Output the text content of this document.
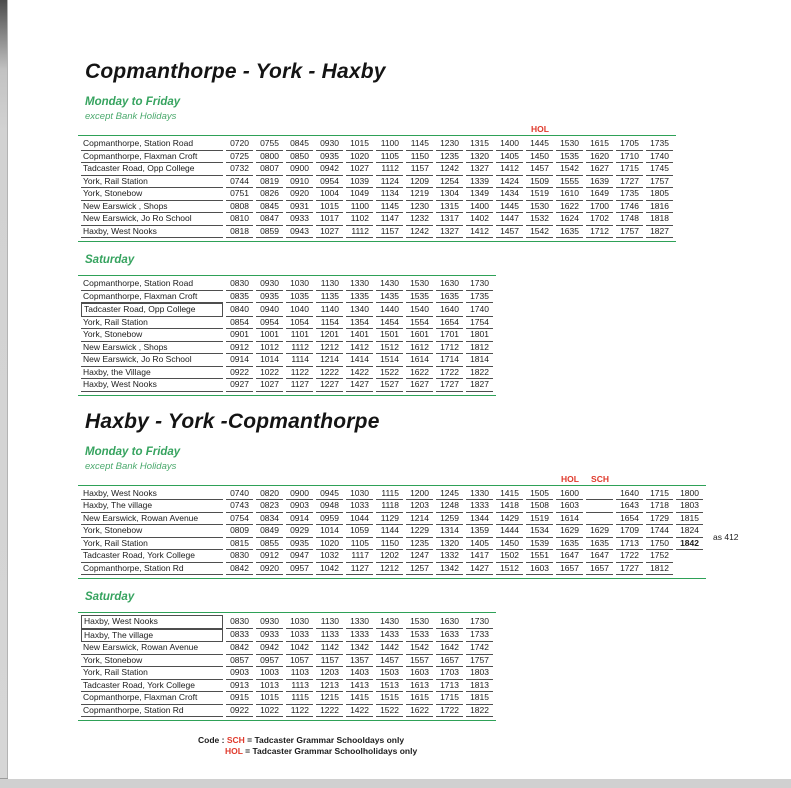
Copmanthorpe - York - Haxby
Monday to Friday
except Bank Holidays
HOL
Copmanthorpe, Station Road	0720	0755	0845	0930	1015	1100	1145	1230	1315	1400	1445	1530	1615	1705	1735
Copmanthorpe, Flaxman Croft	0725	0800	0850	0935	1020	1105	1150	1235	1320	1405	1450	1535	1620	1710	1740
Tadcaster Road, Opp College	0732	0807	0900	0942	1027	1112	1157	1242	1327	1412	1457	1542	1627	1715	1745
York, Rail Station	0744	0819	0910	0954	1039	1124	1209	1254	1339	1424	1509	1555	1639	1727	1757
York, Stonebow	0751	0826	0920	1004	1049	1134	1219	1304	1349	1434	1519	1610	1649	1735	1805
New Earswick , Shops	0808	0845	0931	1015	1100	1145	1230	1315	1400	1445	1530	1622	1700	1746	1816
New Earswick, Jo Ro School	0810	0847	0933	1017	1102	1147	1232	1317	1402	1447	1532	1624	1702	1748	1818
Haxby, West Nooks	0818	0859	0943	1027	1112	1157	1242	1327	1412	1457	1542	1635	1712	1757	1827
Saturday
Copmanthorpe, Station Road	0830	0930	1030	1130	1330	1430	1530	1630	1730
Copmanthorpe, Flaxman Croft	0835	0935	1035	1135	1335	1435	1535	1635	1735
Tadcaster Road, Opp College	0840	0940	1040	1140	1340	1440	1540	1640	1740
York, Rail Station	0854	0954	1054	1154	1354	1454	1554	1654	1754
York, Stonebow	0901	1001	1101	1201	1401	1501	1601	1701	1801
New Earswick , Shops	0912	1012	1112	1212	1412	1512	1612	1712	1812
New Earswick, Jo Ro School	0914	1014	1114	1214	1414	1514	1614	1714	1814
Haxby, the Village	0922	1022	1122	1222	1422	1522	1622	1722	1822
Haxby, West Nooks	0927	1027	1127	1227	1427	1527	1627	1727	1827
Haxby - York -Copmanthorpe
Monday to Friday
except Bank Holidays
HOL	SCH
Haxby, West Nooks	0740	0820	0900	0945	1030	1115	1200	1245	1330	1415	1505	1600		1640	1715	1800
Haxby, The village	0743	0823	0903	0948	1033	1118	1203	1248	1333	1418	1508	1603		1643	1718	1803
New Earswick, Rowan Avenue	0754	0834	0914	0959	1044	1129	1214	1259	1344	1429	1519	1614		1654	1729	1815
York, Stonebow	0809	0849	0929	1014	1059	1144	1229	1314	1359	1444	1534	1629	1629	1709	1744	1824
York, Rail Station	0815	0855	0935	1020	1105	1150	1235	1320	1405	1450	1539	1635	1635	1713	1750	1842
Tadcaster Road, York College	0830	0912	0947	1032	1117	1202	1247	1332	1417	1502	1551	1647	1647	1722	1752	
Copmanthorpe, Station Rd	0842	0920	0957	1042	1127	1212	1257	1342	1427	1512	1603	1657	1657	1727	1812	
as 412
Saturday
Haxby, West Nooks	0830	0930	1030	1130	1330	1430	1530	1630	1730
Haxby, The village	0833	0933	1033	1133	1333	1433	1533	1633	1733
New Earswick, Rowan Avenue	0842	0942	1042	1142	1342	1442	1542	1642	1742
York, Stonebow	0857	0957	1057	1157	1357	1457	1557	1657	1757
York, Rail Station	0903	1003	1103	1203	1403	1503	1603	1703	1803
Tadcaster Road, York College	0913	1013	1113	1213	1413	1513	1613	1713	1813
Copmanthorpe, Flaxman Croft	0915	1015	1115	1215	1415	1515	1615	1715	1815
Copmanthorpe, Station Rd	0922	1022	1122	1222	1422	1522	1622	1722	1822
Code : SCH = Tadcaster Grammar Schooldays only
HOL = Tadcaster Grammar Schoolholidays only
